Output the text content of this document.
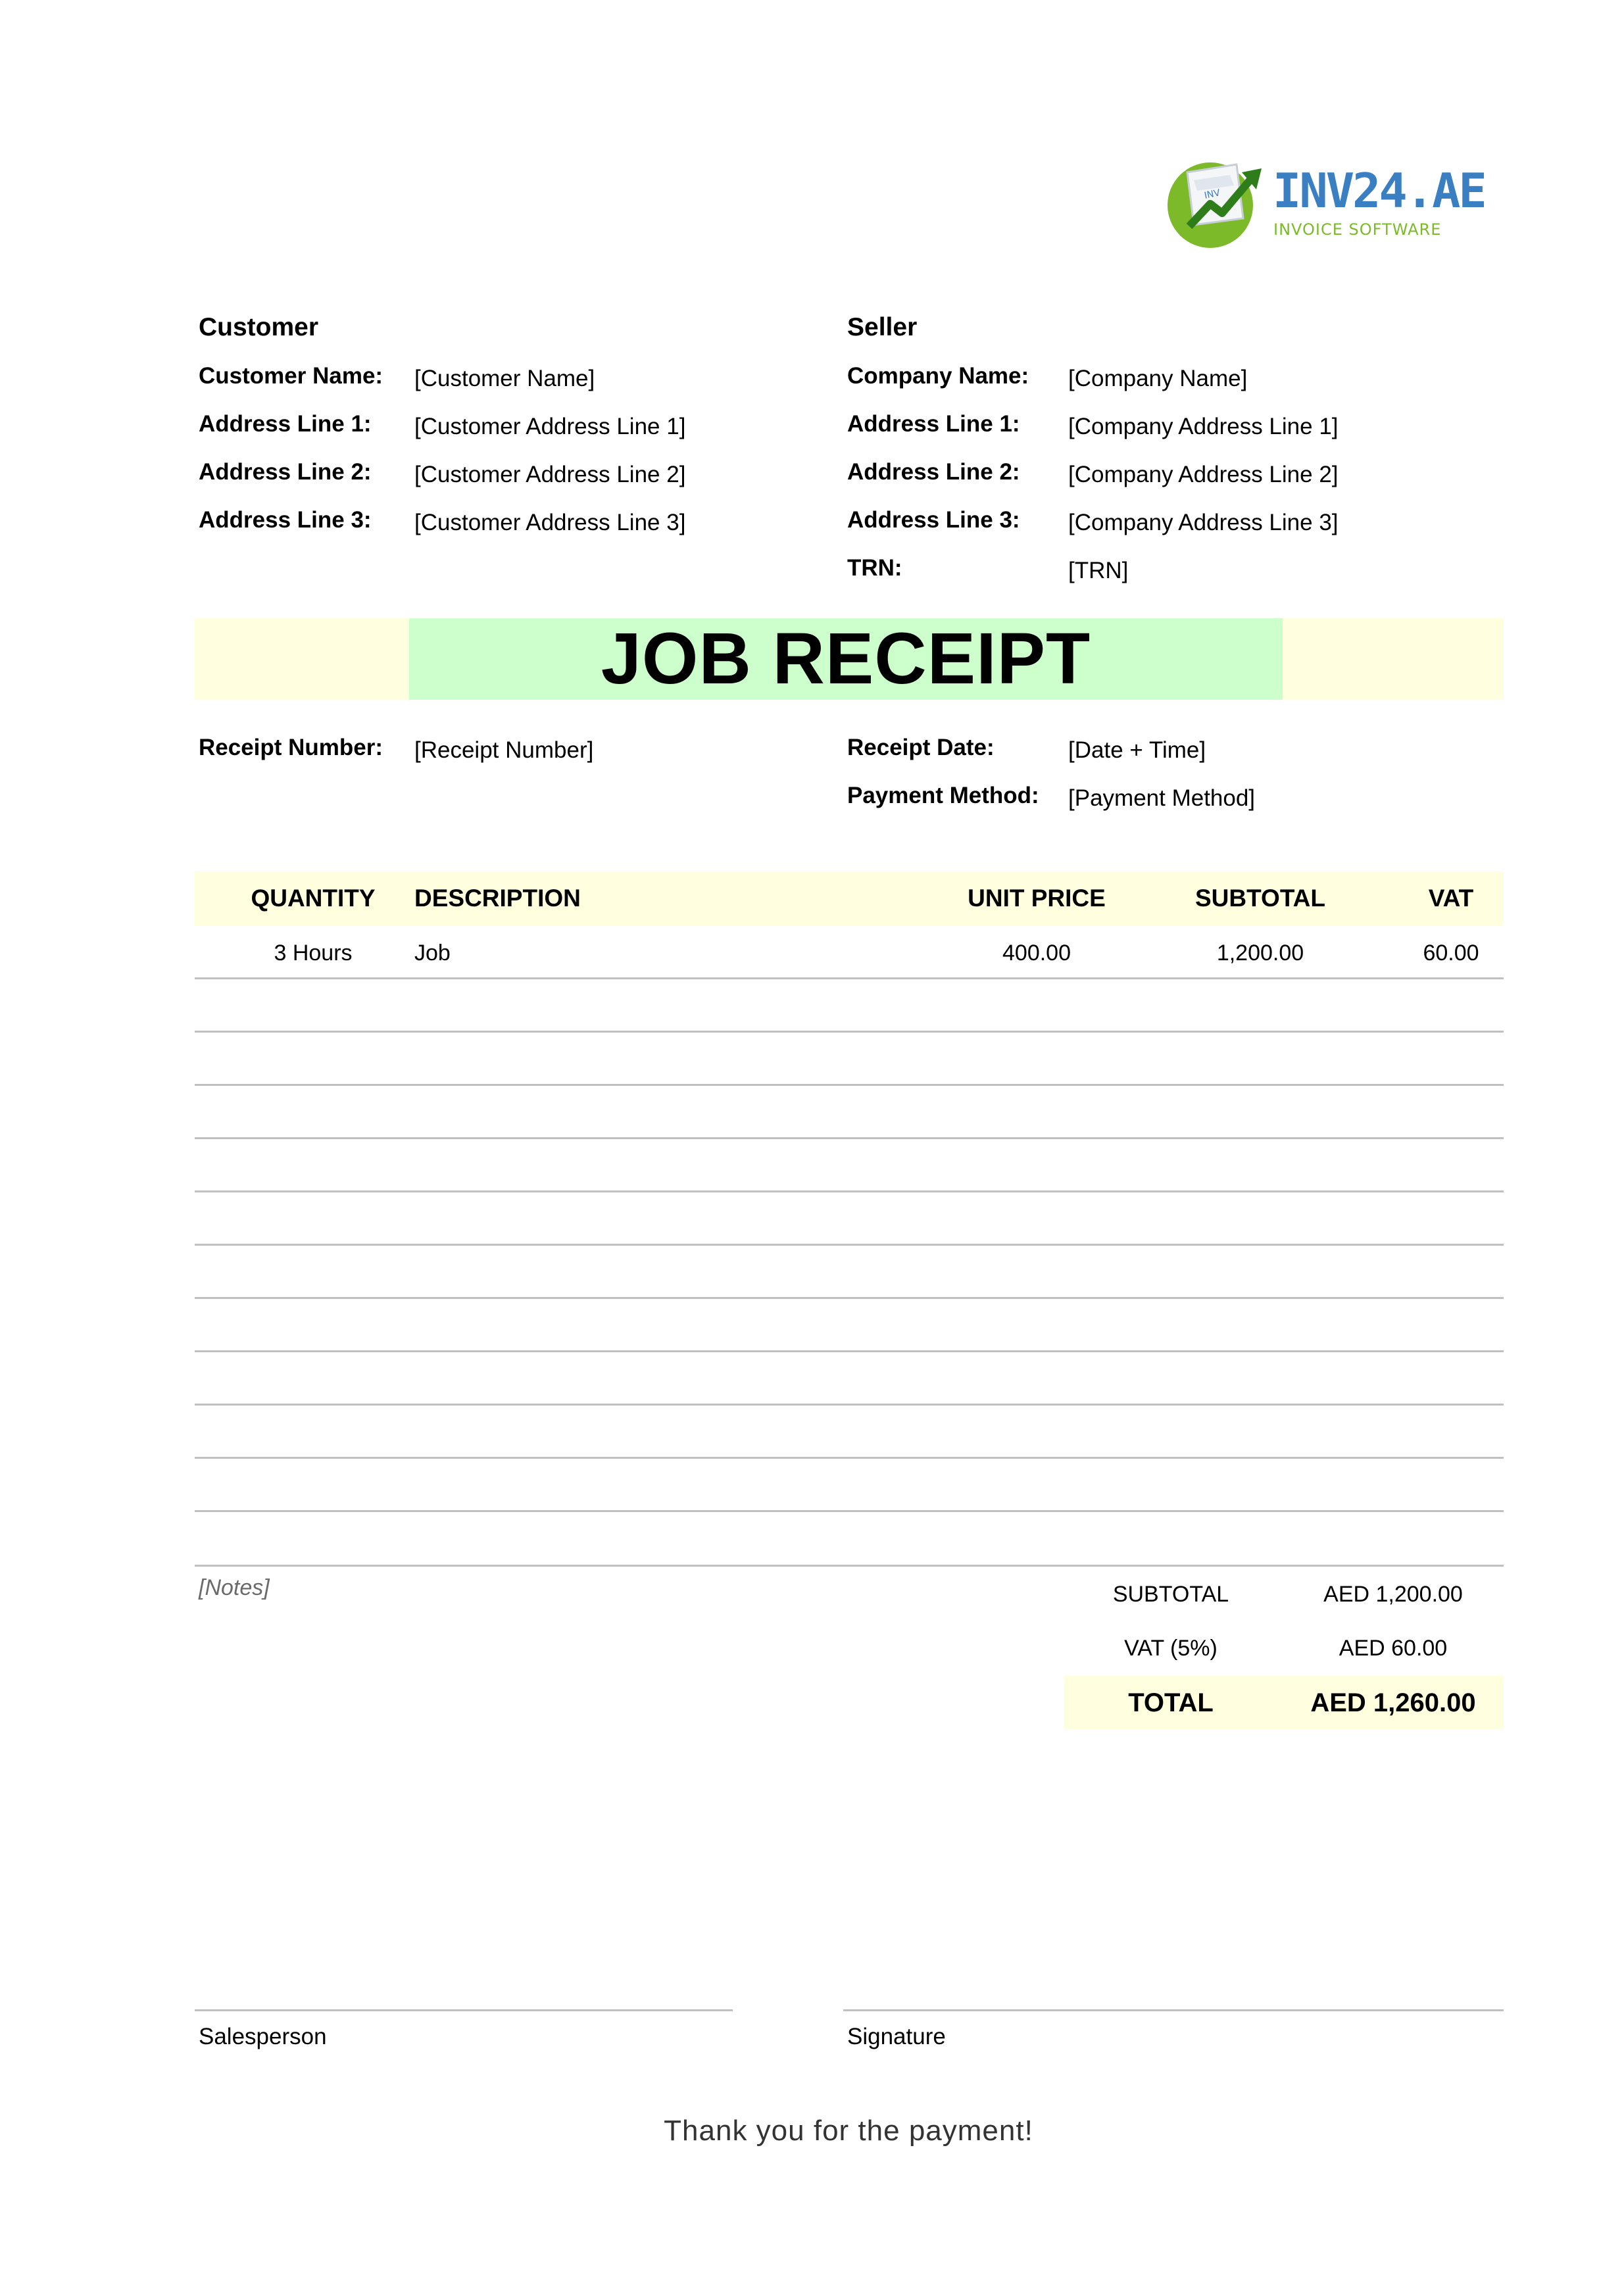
INV INV24.AE
INVOICE SOFTWARE
Customer
Customer Name: [Customer Name]
Address Line 1: [Customer Address Line 1]
Address Line 2: [Customer Address Line 2]
Address Line 3: [Customer Address Line 3]
Seller
Company Name: [Company Name]
Address Line 1: [Company Address Line 1]
Address Line 2: [Company Address Line 2]
Address Line 3: [Company Address Line 3]
TRN:	[TRN]
JOB RECEIPT
Receipt Number: [Receipt Number]	Receipt Date:	[Date + Time]
Payment Method: [Payment Method]
QUANTITY	DESCRIPTION	UNIT PRICE	SUBTOTAL	VAT
3 Hours	Job	400.00	1,200.00	60.00
[Notes]	SUBTOTAL	AED 1,200.00
VAT (5%)	AED 60.00
TOTAL	AED 1,260.00
Salesperson	Signature
Thank you for the payment!
